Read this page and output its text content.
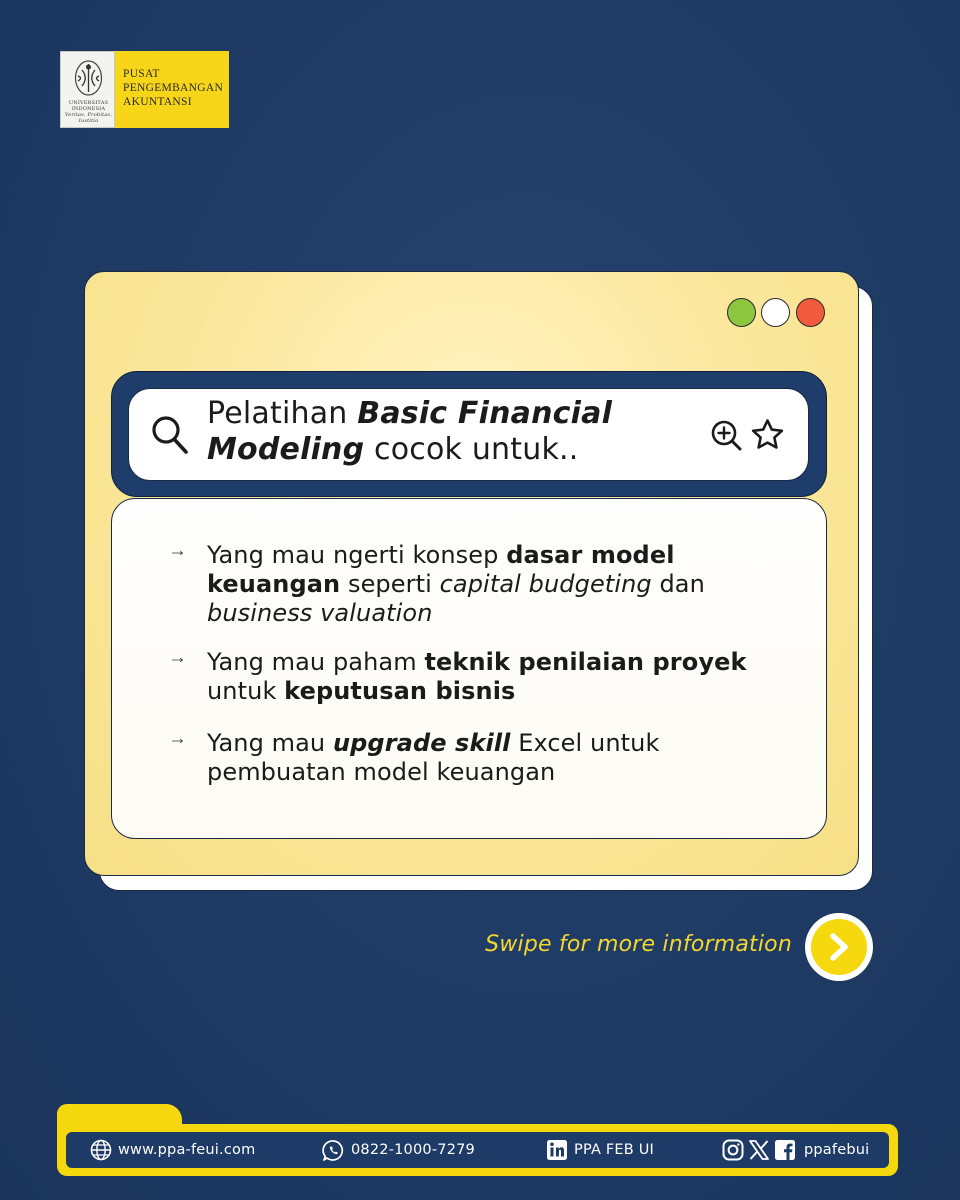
UNIVERSITAS
INDONESIA
Veritas, Probitas, Iustitia
PUSAT
PENGEMBANGAN
AKUNTANSI
Pelatihan Basic Financial Modeling cocok untuk..
Yang mau ngerti konsep dasar model keuangan seperti capital budgeting dan business valuation
Yang mau paham teknik penilaian proyek untuk keputusan bisnis
Yang mau upgrade skill Excel untuk pembuatan model keuangan
Swipe for more information
www.ppa-feui.com	0822-1000-7279	PPA FEB UI	ppafebui
